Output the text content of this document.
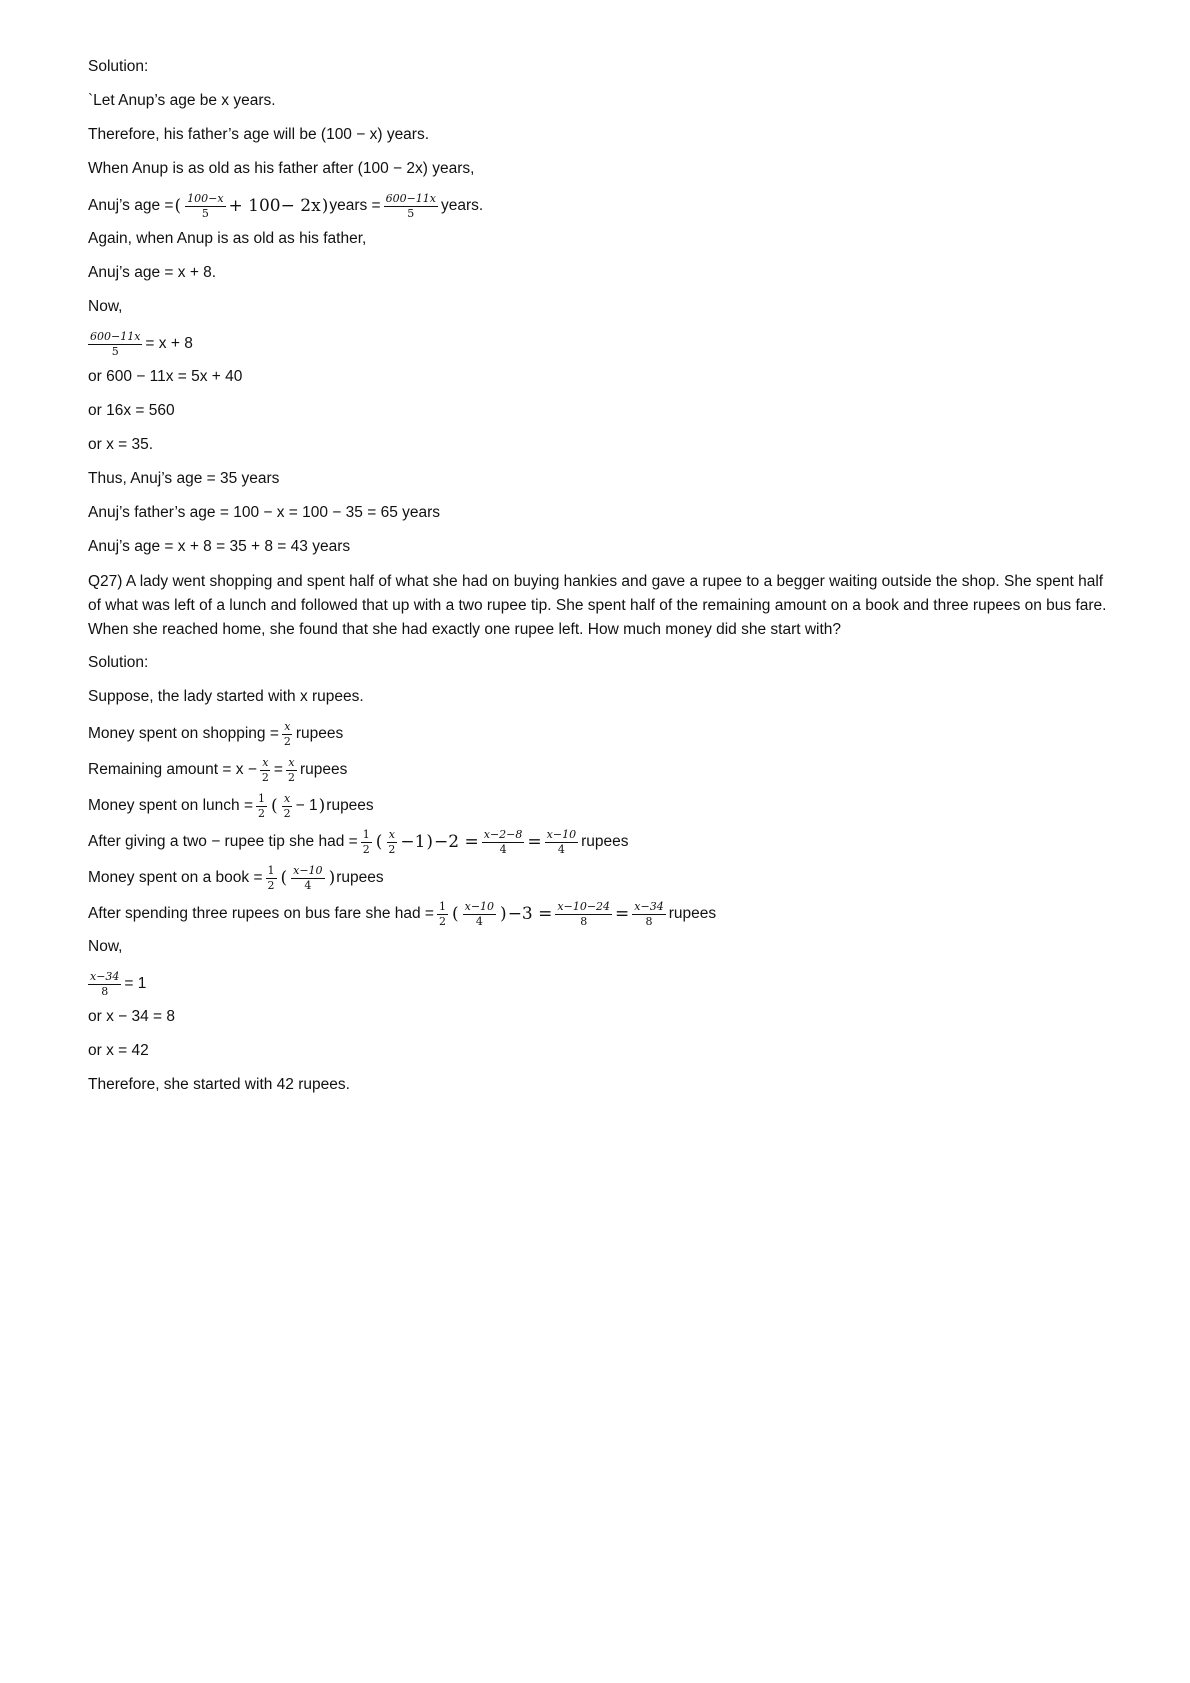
Solution:
`Let Anup’s age be x years.
Therefore, his father’s age will be (100 − x) years.
When Anup is as old as his father after (100 − 2x) years,
Anuj’s age = ( $\frac{100-x}{5} + 100- 2x$ ) years = $\frac{600-11x}{5}$ years.
Again, when Anup is as old as his father,
Anuj’s age = x + 8.
Now,
$\frac{600-11x}{5} = x + 8$
or 600 − 11x = 5x + 40
or 16x = 560
or x = 35.
Thus, Anuj’s age = 35 years
Anuj’s father’s age = 100 − x = 100 − 35 = 65 years
Anuj’s age = x + 8 = 35 + 8 = 43 years
Q27) A lady went shopping and spent half of what she had on buying hankies and gave a rupee to a begger waiting outside the shop. She spent half of what was left of a lunch and followed that up with a two rupee tip. She spent half of the remaining amount on a book and three rupees on bus fare. When she reached home, she found that she had exactly one rupee left. How much money did she start with?
Solution:
Suppose, the lady started with x rupees.
Money spent on shopping = $\frac{x}{2}$ rupees
Remaining amount = $x - \frac{x}{2} = \frac{x}{2}$ rupees
Money spent on lunch = $\frac{1}{2}$ ( $\frac{x}{2} - 1$ ) rupees
After giving a two − rupee tip she had = $\frac{1}{2}$ ( $\frac{x}{2} -1$ ) $-2 = \frac{x-2-8}{4} = \frac{x-10}{4}$ rupees
Money spent on a book = $\frac{1}{2}$ ( $\frac{x-10}{4}$ ) rupees
After spending three rupees on bus fare she had = $\frac{1}{2}$ ( $\frac{x-10}{4}$ ) $-3 = \frac{x-10-24}{8} = \frac{x-34}{8}$ rupees
Now,
$\frac{x-34}{8} = 1$
or x − 34 = 8
or x = 42
Therefore, she started with 42 rupees.
